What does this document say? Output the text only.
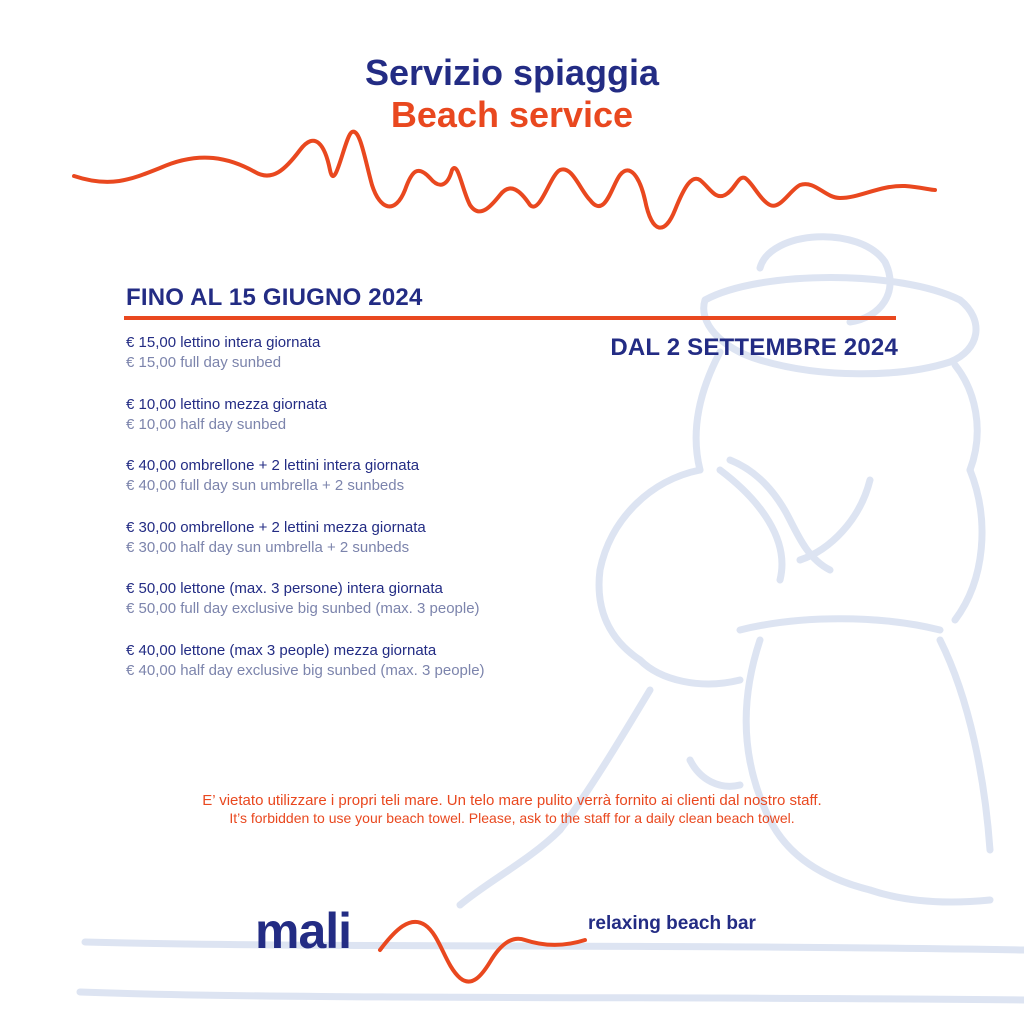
Servizio spiaggia
Beach service
FINO AL 15 GIUGNO 2024
DAL 2 SETTEMBRE 2024
€ 15,00 lettino intera giornata
€ 15,00 full day sunbed
€ 10,00 lettino mezza giornata
€ 10,00 half day sunbed
€ 40,00 ombrellone + 2 lettini intera giornata
€ 40,00 full day sun umbrella + 2 sunbeds
€ 30,00 ombrellone + 2 lettini mezza giornata
€ 30,00 half day sun umbrella + 2 sunbeds
€ 50,00 lettone (max. 3 persone) intera giornata
€ 50,00 full day exclusive big sunbed (max. 3 people)
€ 40,00 lettone (max 3 people) mezza giornata
€ 40,00 half day exclusive big sunbed (max. 3 people)
E’ vietato utilizzare i propri teli mare. Un telo mare pulito verrà fornito ai clienti dal nostro staff.
It’s forbidden to use your beach towel. Please, ask to the staff for a daily clean beach towel.
mali	relaxing beach bar
